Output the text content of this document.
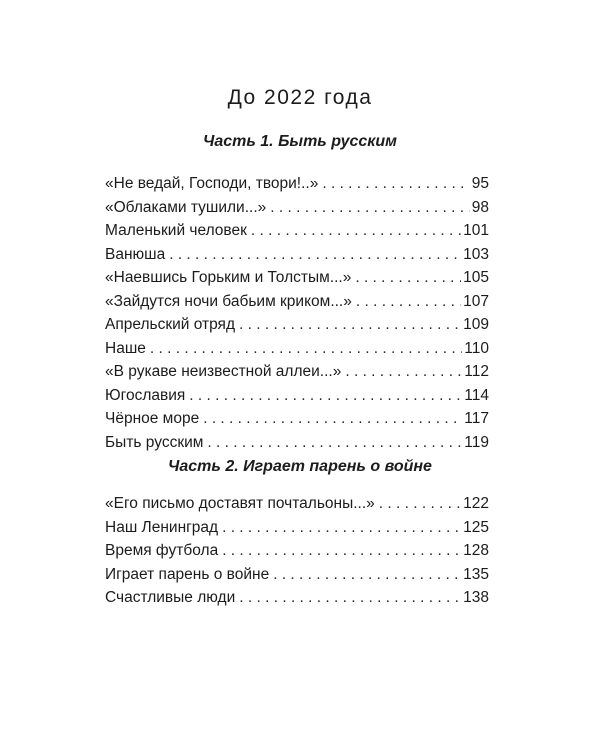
До 2022 года
Часть 1. Быть русским
«Не ведай, Господи, твори!..» . . .	95
«Облаками тушили...» . . .	98
Маленький человек . . .	101
Ванюша . . .	103
«Наевшись Горьким и Толстым...» . . .	105
«Зайдутся ночи бабьим криком...» . . .	107
Апрельский отряд . . .	109
Наше . . .	110
«В рукаве неизвестной аллеи...» . . .	112
Югославия . . .	114
Чёрное море . . .	117
Быть русским . . .	119
Часть 2. Играет парень о войне
«Его письмо доставят почтальоны...» . . .	122
Наш Ленинград . . .	125
Время футбола . . .	128
Играет парень о войне . . .	135
Счастливые люди . . .	138
